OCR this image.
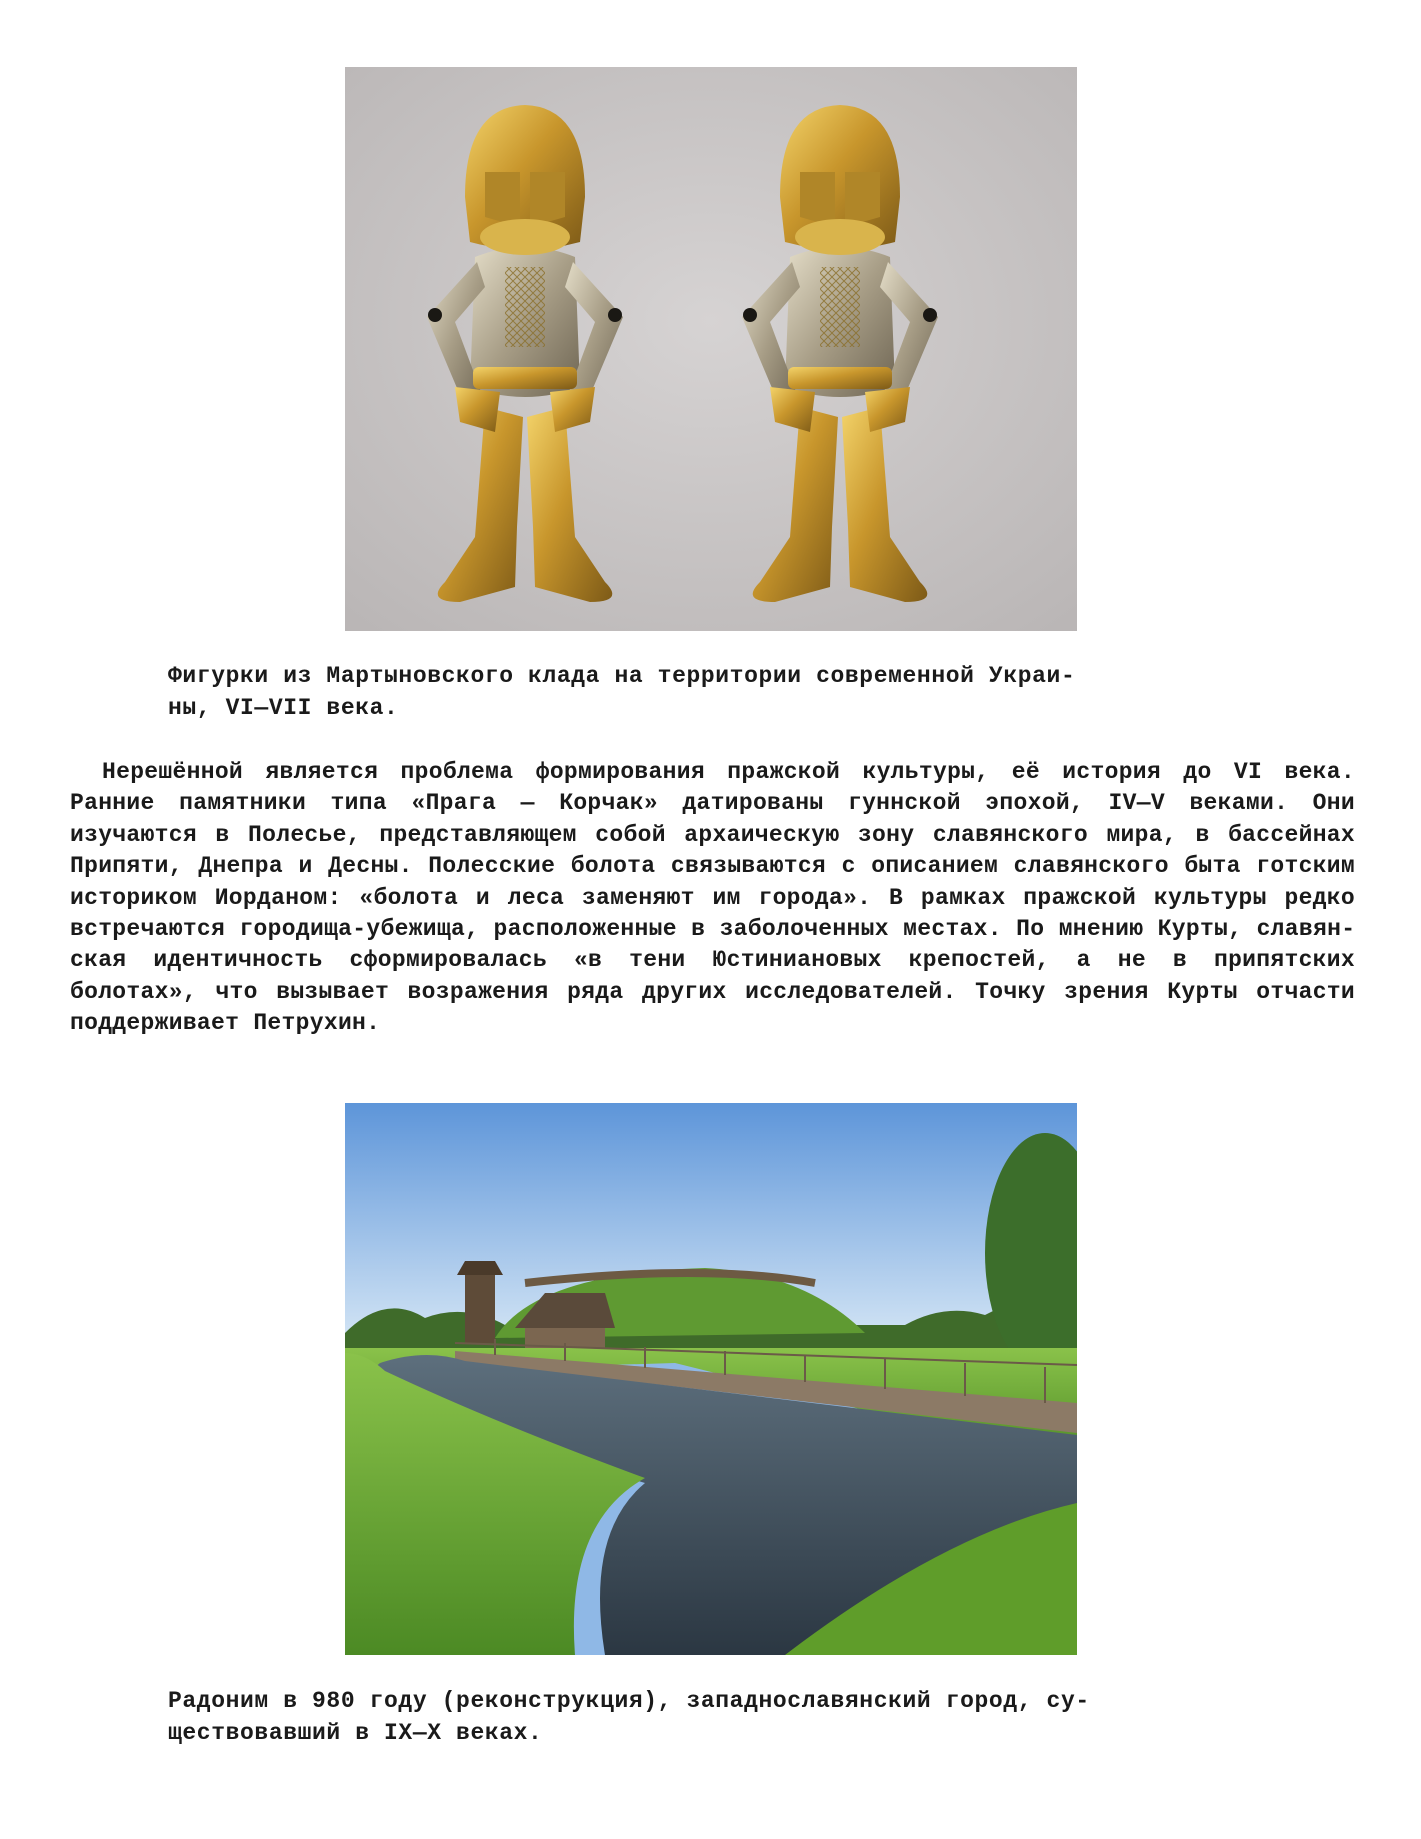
Фигурки из Мартыновского клада на территории современной Украи-
ны, VI—VII века.
Нерешённой является проблема формирования пражской культуры, её история до VI века. Ранние памятники типа «Прага — Корчак» датированы гуннской эпохой, IV—V веками. Они изучаются в Полесье, представляющем собой архаическую зону славянского мира, в бассейнах Припяти, Днепра и Десны. Полесские болота связываются с описанием славянского быта готским историком Иорданом: «болота и леса заменяют им города». В рамках пражской культуры редко встречаются городища-убежища, расположенные в заболоченных местах. По мнению Курты, славянская идентичность сформировалась «в тени Юстиниановых крепостей, а не в припятских болотах», что вызывает возражения ряда других исследователей. Точку зрения Курты отчасти поддерживает Петрухин.
Радоним в 980 году (реконструкция), западнославянский город, су-
ществовавший в IX—X веках.
